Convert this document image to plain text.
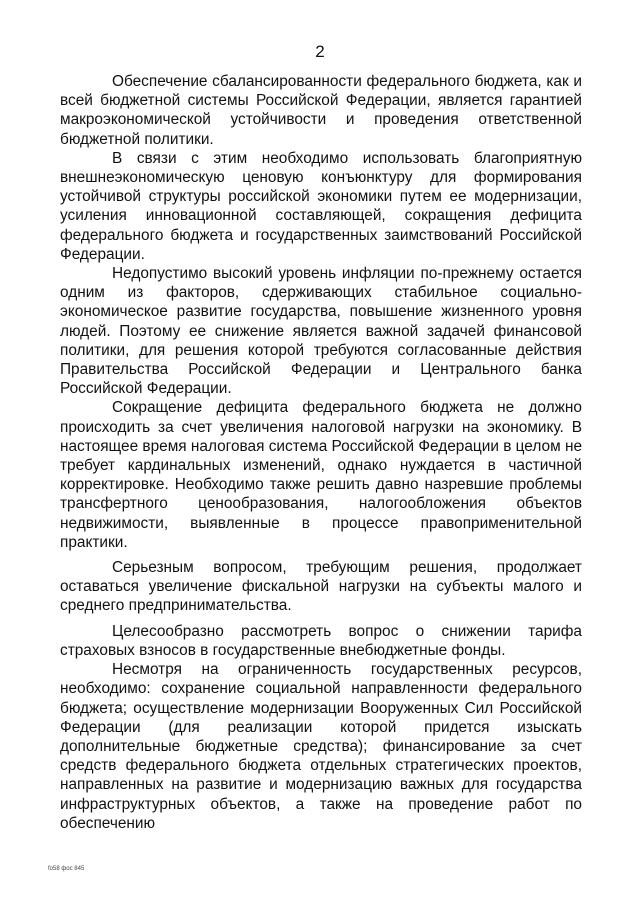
2

Обеспечение сбалансированности федерального бюджета, как и всей бюджетной системы Российской Федерации, является гарантией макроэкономической устойчивости и проведения ответственной бюджетной политики.

В связи с этим необходимо использовать благоприятную внешнеэкономическую ценовую конъюнктуру для формирования устойчивой структуры российской экономики путем ее модернизации, усиления инновационной составляющей, сокращения дефицита федерального бюджета и государственных заимствований Российской Федерации.

Недопустимо высокий уровень инфляции по-прежнему остается одним из факторов, сдерживающих стабильное социально-экономическое развитие государства, повышение жизненного уровня людей. Поэтому ее снижение является важной задачей финансовой политики, для решения которой требуются согласованные действия Правительства Российской Федерации и Центрального банка Российской Федерации.

Сокращение дефицита федерального бюджета не должно происходить за счет увеличения налоговой нагрузки на экономику. В настоящее время налоговая система Российской Федерации в целом не требует кардинальных изменений, однако нуждается в частичной корректировке. Необходимо также решить давно назревшие проблемы трансфертного ценообразования, налогообложения объектов недвижимости, выявленные в процессе правоприменительной практики.

Серьезным вопросом, требующим решения, продолжает оставаться увеличение фискальной нагрузки на субъекты малого и среднего предпринимательства.

Целесообразно рассмотреть вопрос о снижении тарифа страховых взносов в государственные внебюджетные фонды.

Несмотря на ограниченность государственных ресурсов, необходимо: сохранение социальной направленности федерального бюджета; осуществление модернизации Вооруженных Сил Российской Федерации (для реализации которой придется изыскать дополнительные бюджетные средства); финансирование за счет средств федерального бюджета отдельных стратегических проектов, направленных на развитие и модернизацию важных для государства инфраструктурных объектов, а также на проведение работ по обеспечению

fo58 фос 845
